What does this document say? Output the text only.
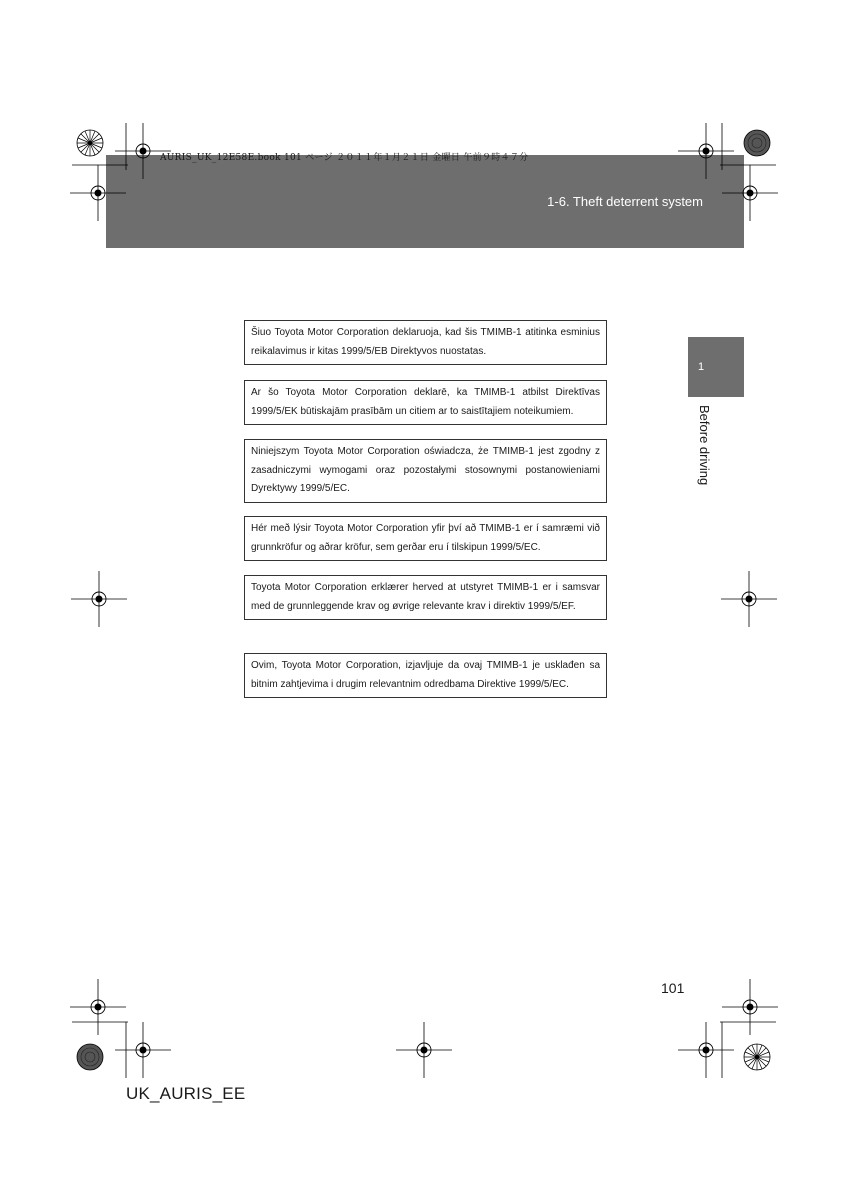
AURIS_UK_12E58E.book 101 ページ ２０１１年１月２１日 金曜日 午前９時４７分
1-6. Theft deterrent system
1
Before driving
Šiuo Toyota Motor Corporation deklaruoja, kad šis TMIMB-1 atitinka esminius reikalavimus ir kitas 1999/5/EB Direktyvos nuostatas.
Ar šo Toyota Motor Corporation deklarē, ka TMIMB-1 atbilst Direktīvas 1999/5/EK būtiskajām prasībām un citiem ar to saistītajiem noteikumiem.
Niniejszym Toyota Motor Corporation oświadcza, że TMIMB-1 jest zgodny z zasadniczymi wymogami oraz pozostałymi stosownymi postanowieniami Dyrektywy 1999/5/EC.
Hér með lýsir Toyota Motor Corporation yfir því að TMIMB-1 er í samræmi við grunnkröfur og aðrar kröfur, sem gerðar eru í tilskipun 1999/5/EC.
Toyota Motor Corporation erklærer herved at utstyret TMIMB-1 er i samsvar med de grunnleggende krav og øvrige relevante krav i direktiv 1999/5/EF.
Ovim, Toyota Motor Corporation, izjavljuje da ovaj TMIMB-1 je usklađen sa bitnim zahtjevima i drugim relevantnim odredbama Direktive 1999/5/EC.
101
UK_AURIS_EE
